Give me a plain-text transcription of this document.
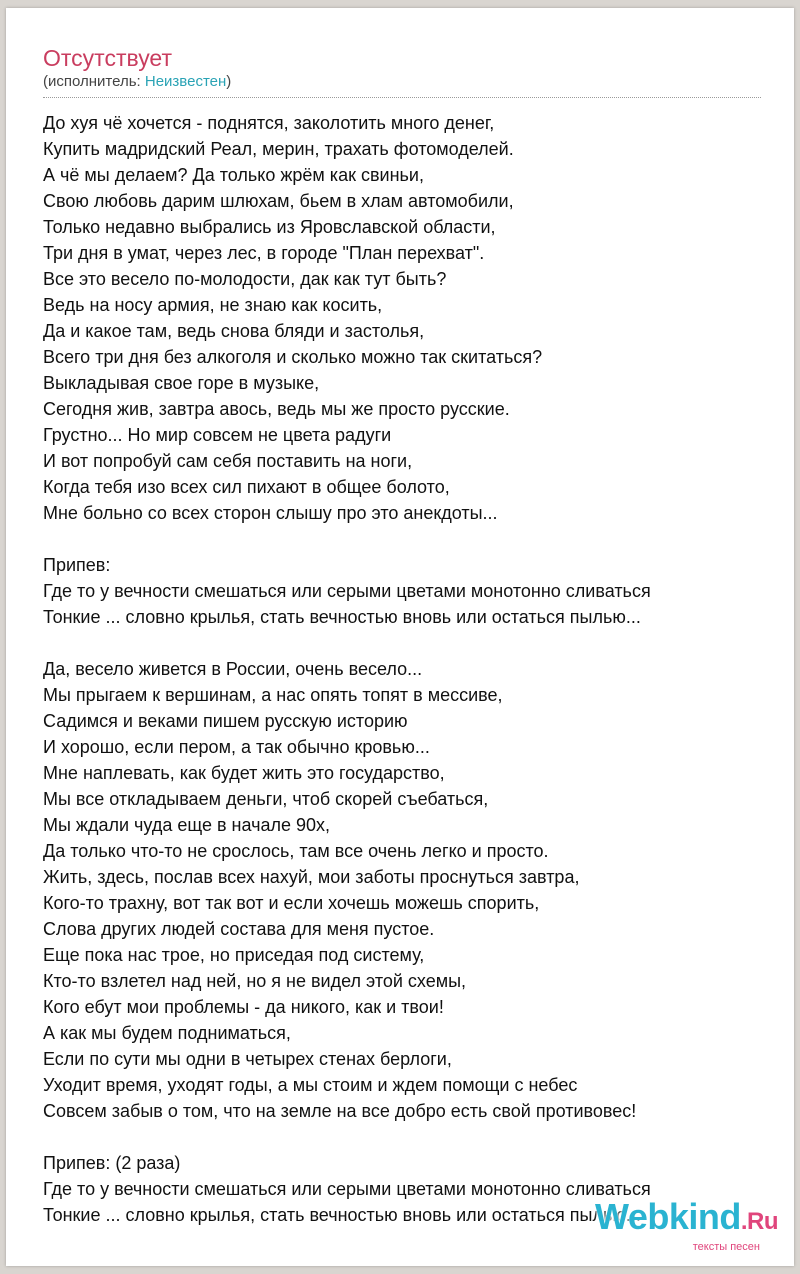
Отсутствует
(исполнитель: Неизвестен)
До хуя чё хочется - поднятся, заколотить много денег,
Купить мадридский Реал, мерин, трахать фотомоделей.
А чё мы делаем? Да только жрём как свиньи,
Свою любовь дарим шлюхам, бьем в хлам автомобили,
Только недавно выбрались из Яровславской области,
Три дня в умат, через лес, в городе "План перехват".
Все это весело по-молодости, дак как тут быть?
Ведь на носу армия, не знаю как косить,
Да и какое там, ведь снова бляди и застолья,
Всего три дня без алкоголя и сколько можно так скитаться?
Выкладывая свое горе в музыке,
Сегодня жив, завтра авось, ведь мы же просто русские.
Грустно... Но мир совсем не цвета радуги
И вот попробуй сам себя поставить на ноги,
Когда тебя изо всех сил пихают в общее болото,
Мне больно со всех сторон слышу про это анекдоты...
Припев:
Где то у вечности смешаться или серыми цветами монотонно сливаться
Тонкие ... словно крылья, стать вечностью вновь или остаться пылью...
Да, весело живется в России, очень весело...
Мы прыгаем к вершинам, а нас опять топят в мессиве,
Садимся и веками пишем русскую историю
И хорошо, если пером, а так обычно кровью...
Мне наплевать, как будет жить это государство,
Мы все откладываем деньги, чтоб скорей съебаться,
Мы ждали чуда еще в начале 90х,
Да только что-то не срослось, там все очень легко и просто.
Жить, здесь, послав всех нахуй, мои заботы проснуться завтра,
Кого-то трахну, вот так вот и если хочешь можешь спорить,
Слова других людей состава для меня пустое.
Еще пока нас трое, но приседая под систему,
Кто-то взлетел над ней, но я не видел этой схемы,
Кого ебут мои проблемы - да никого, как и твои!
А как мы будем подниматься,
Если по сути мы одни в четырех стенах берлоги,
Уходит время, уходят годы, а мы стоим и ждем помощи с небес
Совсем забыв о том, что на земле на все добро есть свой противовес!
Припев: (2 раза)
Где то у вечности смешаться или серыми цветами монотонно сливаться
Тонкие ... словно крылья, стать вечностью вновь или остаться пылью...
Webkind.Ru
тексты песен
